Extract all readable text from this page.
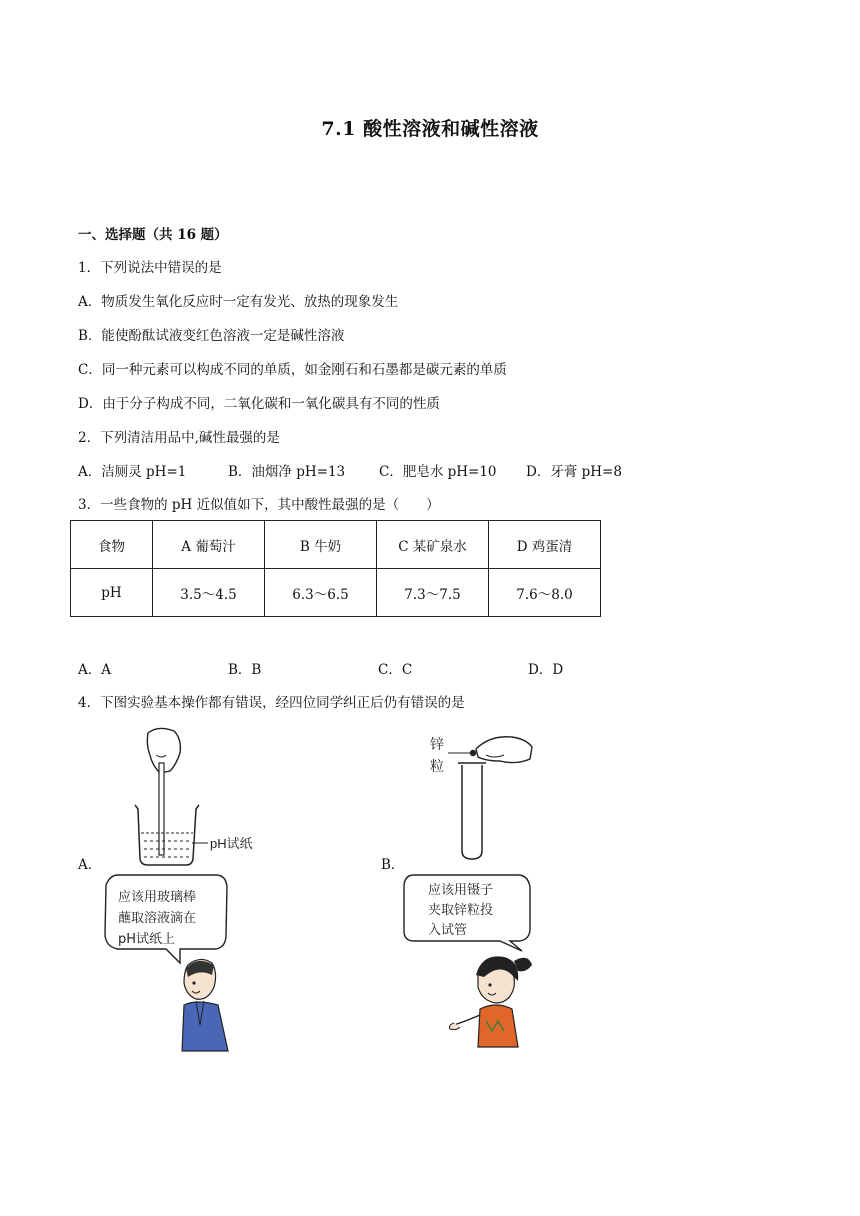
7.1 酸性溶液和碱性溶液
一、选择题（共 16 题）
1．下列说法中错误的是
A．物质发生氧化反应时一定有发光、放热的现象发生
B．能使酚酞试液变红色溶液一定是碱性溶液
C．同一种元素可以构成不同的单质，如金刚石和石墨都是碳元素的单质
D．由于分子构成不同，二氧化碳和一氧化碳具有不同的性质
2．下列清洁用品中,碱性最强的是
A．洁厕灵 pH=1	B．油烟净 pH=13	C．肥皂水 pH=10 D．牙膏 pH=8
3．一些食物的 pH 近似值如下，其中酸性最强的是（　　）
食物	A 葡萄汁	B 牛奶	C 某矿泉水	D 鸡蛋清
pH	3.5～4.5	6.3～6.5	7.3～7.5	7.6～8.0
A．A	B．B	C．C	D．D
4．下图实验基本操作都有错误，经四位同学纠正后仍有错误的是
A．
pH试纸
应该用玻璃棒
蘸取溶液滴在
pH试纸上
B．
锌
粒
应该用镊子
夹取锌粒投
入试管
